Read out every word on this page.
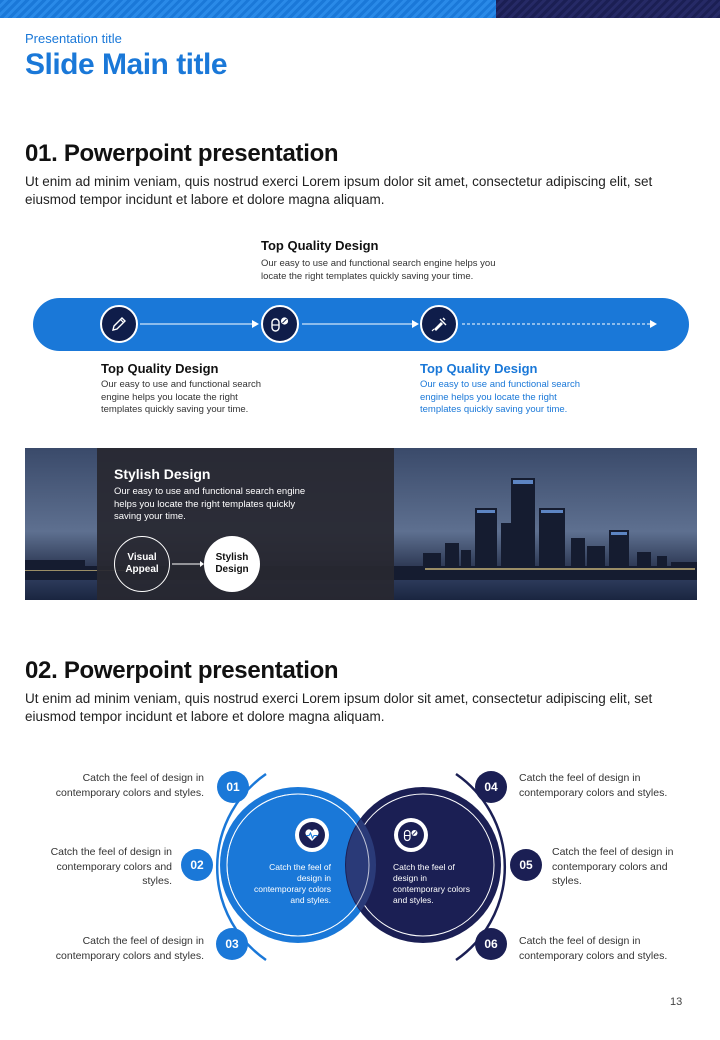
Presentation title
Slide Main title
01. Powerpoint presentation
Ut enim ad minim veniam, quis nostrud exerci Lorem ipsum dolor sit amet, consectetur adipiscing elit, set eiusmod tempor incidunt et labore et dolore magna aliquam.
Top Quality Design
Our easy to use and functional search engine helps you locate the right templates quickly saving your time.
Top Quality Design
Our easy to use and functional search engine helps you locate the right templates quickly saving your time.
Top Quality Design
Our easy to use and functional search engine helps you locate the right templates quickly saving your time.
Stylish Design
Our easy to use and functional search engine helps you locate the right templates quickly saving your time.
Visual Appeal
Stylish Design
02. Powerpoint presentation
Ut enim ad minim veniam, quis nostrud exerci Lorem ipsum dolor sit amet, consectetur adipiscing elit, set eiusmod tempor incidunt et labore et dolore magna aliquam.
Catch the feel of design in contemporary colors and styles.
Catch the feel of design in contemporary colors and styles.
01
02
03
04
05
06
Catch the feel of design in contemporary colors and styles.
Catch the feel of design in contemporary colors and styles.
Catch the feel of design in contemporary colors and styles.
Catch the feel of design in contemporary colors and styles.
Catch the feel of design in contemporary colors and styles.
Catch the feel of design in contemporary colors and styles.
13
